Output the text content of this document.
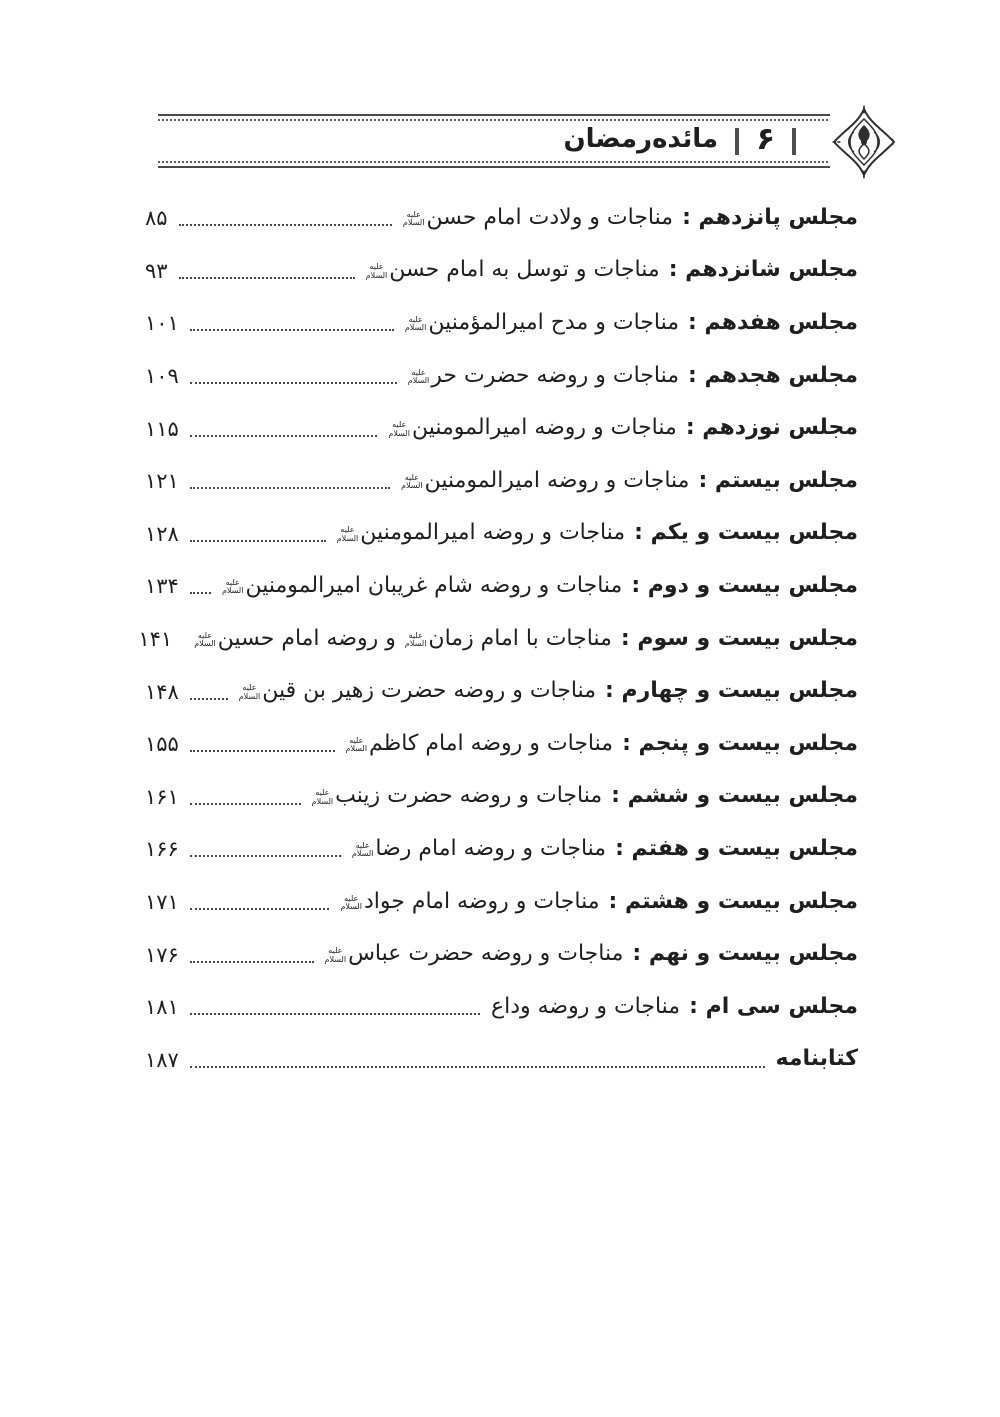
۶
مائده‌رمضان
مجلس پانزدهم :
مناجات و ولادت امام حسن
علیه
السلام
۸۵
مجلس شانزدهم :
مناجات و توسل به امام حسن
علیه
السلام
۹۳
مجلس هفدهم :
مناجات و مدح امیرالمؤمنین
علیه
السلام
۱۰۱
مجلس هجدهم :
مناجات و روضه حضرت حر
علیه
السلام
۱۰۹
مجلس نوزدهم :
مناجات و روضه امیرالمومنین
علیه
السلام
۱۱۵
مجلس بیستم :
مناجات و روضه امیرالمومنین
علیه
السلام
۱۲۱
مجلس بیست و یکم :
مناجات و روضه امیرالمومنین
علیه
السلام
۱۲۸
مجلس بیست و دوم :
مناجات و روضه شام غریبان امیرالمومنین
علیه
السلام
۱۳۴
مجلس بیست و سوم :
مناجات با امام زمان
علیه
السلام
و روضه امام حسین
علیه
السلام
۱۴۱
مجلس بیست و چهارم :
مناجات و روضه حضرت زهیر بن قین
علیه
السلام
۱۴۸
مجلس بیست و پنجم :
مناجات و روضه امام کاظم
علیه
السلام
۱۵۵
مجلس بیست و ششم :
مناجات و روضه حضرت زینب
علیه
السلام
۱۶۱
مجلس بیست و هفتم :
مناجات و روضه امام رضا
علیه
السلام
۱۶۶
مجلس بیست و هشتم :
مناجات و روضه امام جواد
علیه
السلام
۱۷۱
مجلس بیست و نهم :
مناجات و روضه حضرت عباس
علیه
السلام
۱۷۶
مجلس سی ام :
مناجات و روضه وداع
۱۸۱
کتابنامه
۱۸۷
